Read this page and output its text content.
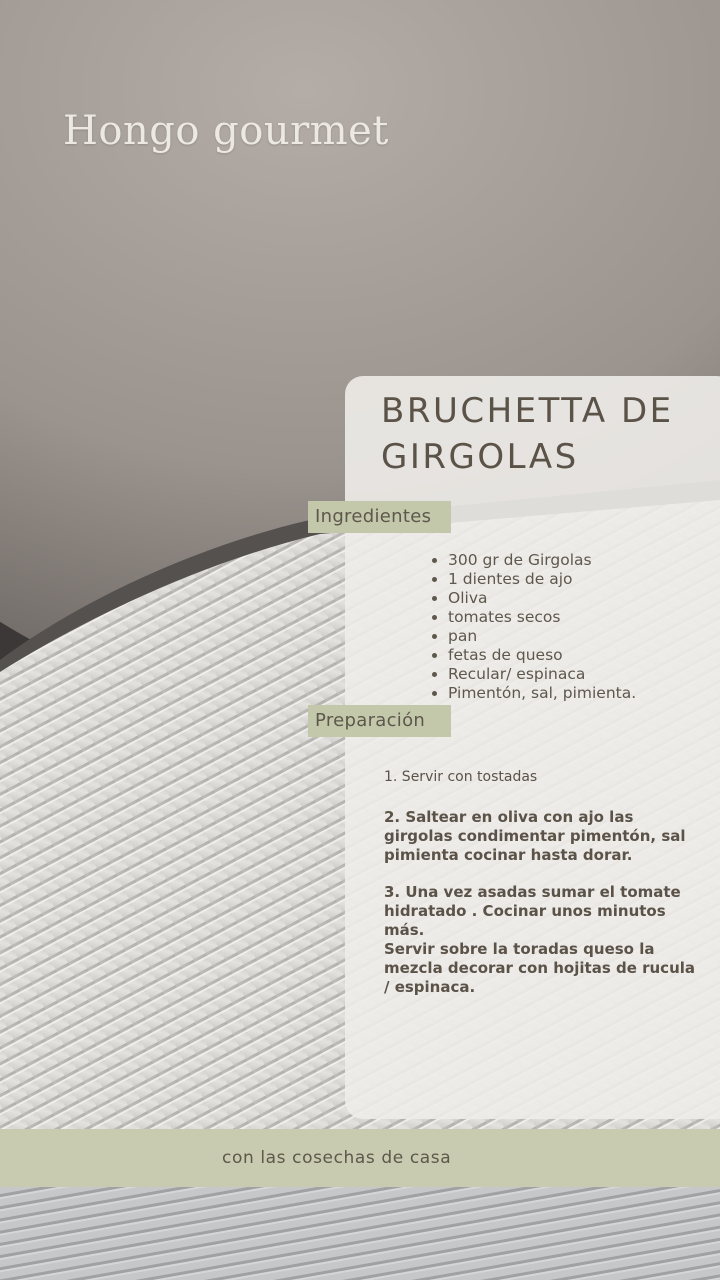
Hongo gourmet
BRUCHETTA DE GIRGOLAS
Ingredientes
• 300 gr de Girgolas
• 1 dientes de ajo
• Oliva
• tomates secos
• pan
• fetas de queso
• Recular/ espinaca
• Pimentón, sal, pimienta.
Preparación
1. Servir con tostadas
2. Saltear en oliva con ajo las girgolas condimentar pimentón, sal pimienta cocinar hasta dorar.
3. Una vez asadas sumar el tomate hidratado . Cocinar unos minutos más.
Servir sobre la toradas queso la mezcla decorar con hojitas de rucula / espinaca.
con las cosechas de casa
